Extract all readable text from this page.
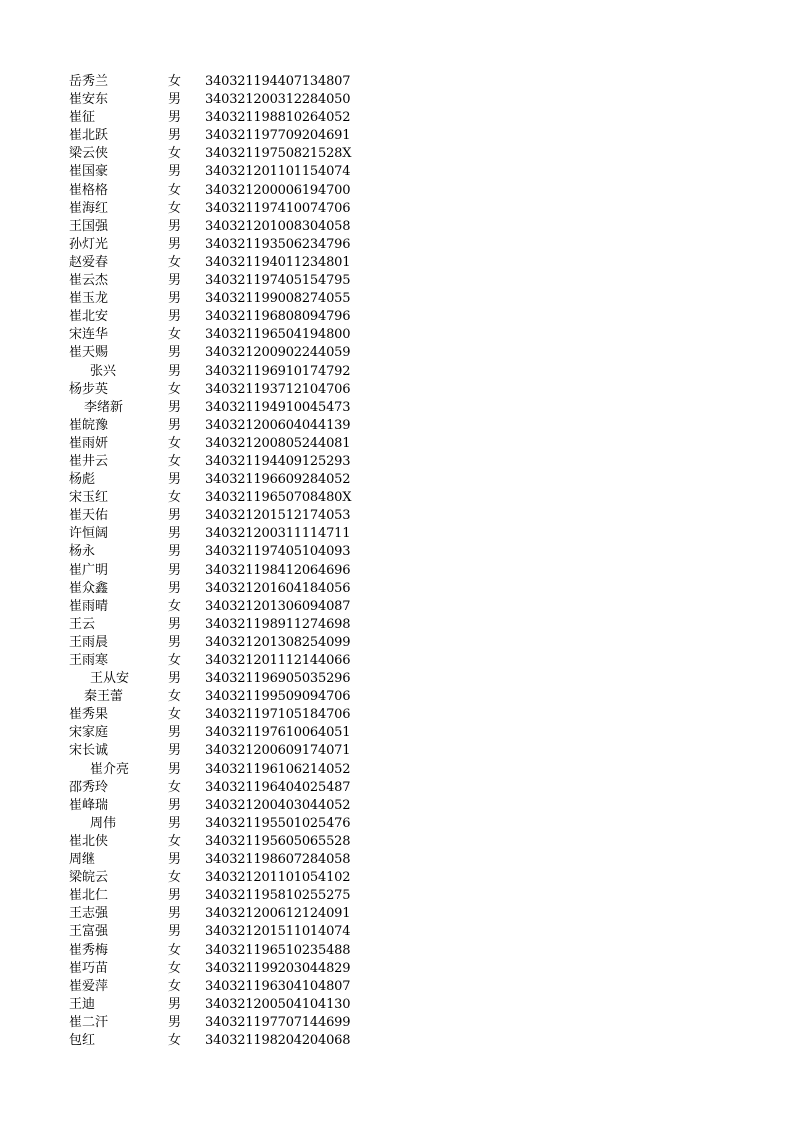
岳秀兰	女	340321194407134807
崔安东	男	340321200312284050
崔征	男	340321198810264052
崔北跃	男	340321197709204691
梁云侠	女	34032119750821528X
崔国豪	男	340321201101154074
崔格格	女	340321200006194700
崔海红	女	340321197410074706
王国强	男	340321201008304058
孙灯光	男	340321193506234796
赵爱春	女	340321194011234801
崔云杰	男	340321197405154795
崔玉龙	男	340321199008274055
崔北安	男	340321196808094796
宋连华	女	340321196504194800
崔天赐	男	340321200902244059
张兴	男	340321196910174792
杨步英	女	340321193712104706
李绪新	男	340321194910045473
崔皖豫	男	340321200604044139
崔雨妍	女	340321200805244081
崔井云	女	340321194409125293
杨彪	男	340321196609284052
宋玉红	女	34032119650708480X
崔天佑	男	340321201512174053
许恒阔	男	340321200311114711
杨永	男	340321197405104093
崔广明	男	340321198412064696
崔众鑫	男	340321201604184056
崔雨晴	女	340321201306094087
王云	男	340321198911274698
王雨晨	男	340321201308254099
王雨寒	女	340321201112144066
王从安	男	340321196905035296
秦王蕾	女	340321199509094706
崔秀果	女	340321197105184706
宋家庭	男	340321197610064051
宋长诚	男	340321200609174071
崔介亮	男	340321196106214052
邵秀玲	女	340321196404025487
崔峰瑞	男	340321200403044052
周伟	男	340321195501025476
崔北侠	女	340321195605065528
周继	男	340321198607284058
梁皖云	女	340321201101054102
崔北仁	男	340321195810255275
王志强	男	340321200612124091
王富强	男	340321201511014074
崔秀梅	女	340321196510235488
崔巧苗	女	340321199203044829
崔爱萍	女	340321196304104807
王迪	男	340321200504104130
崔二汗	男	340321197707144699
包红	女	340321198204204068
